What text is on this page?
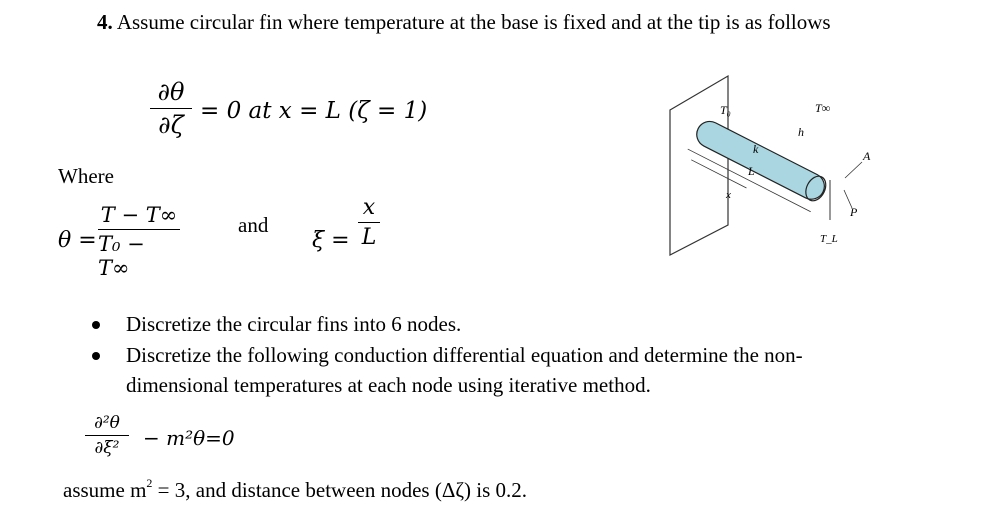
4. Assume circular fin where temperature at the base is fixed and at the tip is as follows
∂θ
∂ζ = 0 at x = L (ζ = 1)
Where
θ =
T − T∞
T₀ − T∞
and
ξ =
x
L
T₀	T∞
h
k
L
A
P
x
T_L
Discretize the circular fins into 6 nodes.
Discretize the following conduction differential equation and determine the non-
dimensional temperatures at each node using iterative method.
∂²θ
∂ξ² − m²θ=0
assume $m^2 = 3$, and distance between nodes (Δζ) is 0.2.
